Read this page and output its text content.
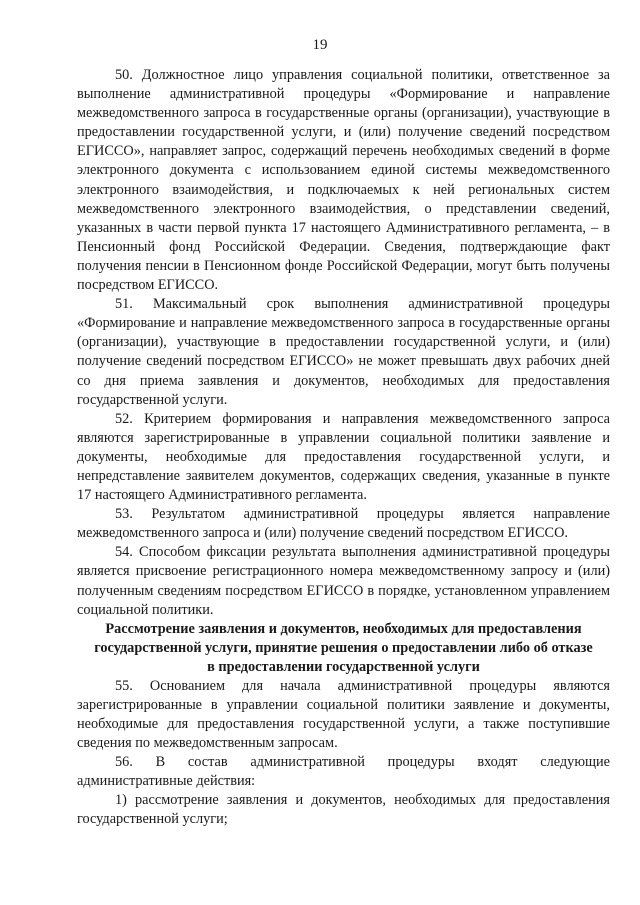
19

50. Должностное лицо управления социальной политики, ответственное за выполнение административной процедуры «Формирование и направление межведомственного запроса в государственные органы (организации), участвующие в предоставлении государственной услуги, и (или) получение сведений посредством ЕГИССО», направляет запрос, содержащий перечень необходимых сведений в форме электронного документа с использованием единой системы межведомственного электронного взаимодействия, и подключаемых к ней региональных систем межведомственного электронного взаимодействия, о представлении сведений, указанных в части первой пункта 17 настоящего Административного регламента, – в Пенсионный фонд Российской Федерации. Сведения, подтверждающие факт получения пенсии в Пенсионном фонде Российской Федерации, могут быть получены посредством ЕГИССО.

51. Максимальный срок выполнения административной процедуры «Формирование и направление межведомственного запроса в государственные органы (организации), участвующие в предоставлении государственной услуги, и (или) получение сведений посредством ЕГИССО» не может превышать двух рабочих дней со дня приема заявления и документов, необходимых для предоставления государственной услуги.

52. Критерием формирования и направления межведомственного запроса являются зарегистрированные в управлении социальной политики заявление и документы, необходимые для предоставления государственной услуги, и непредставление заявителем документов, содержащих сведения, указанные в пункте 17 настоящего Административного регламента.

53. Результатом административной процедуры является направление межведомственного запроса и (или) получение сведений посредством ЕГИССО.

54. Способом фиксации результата выполнения административной процедуры является присвоение регистрационного номера межведомственному запросу и (или) полученным сведениям посредством ЕГИССО в порядке, установленном управлением социальной политики.

Рассмотрение заявления и документов, необходимых для предоставления
государственной услуги, принятие решения о предоставлении либо об отказе
в предоставлении государственной услуги

55. Основанием для начала административной процедуры являются зарегистрированные в управлении социальной политики заявление и документы, необходимые для предоставления государственной услуги, а также поступившие сведения по межведомственным запросам.

56. В состав административной процедуры входят следующие административные действия:

1) рассмотрение заявления и документов, необходимых для предоставления государственной услуги;
